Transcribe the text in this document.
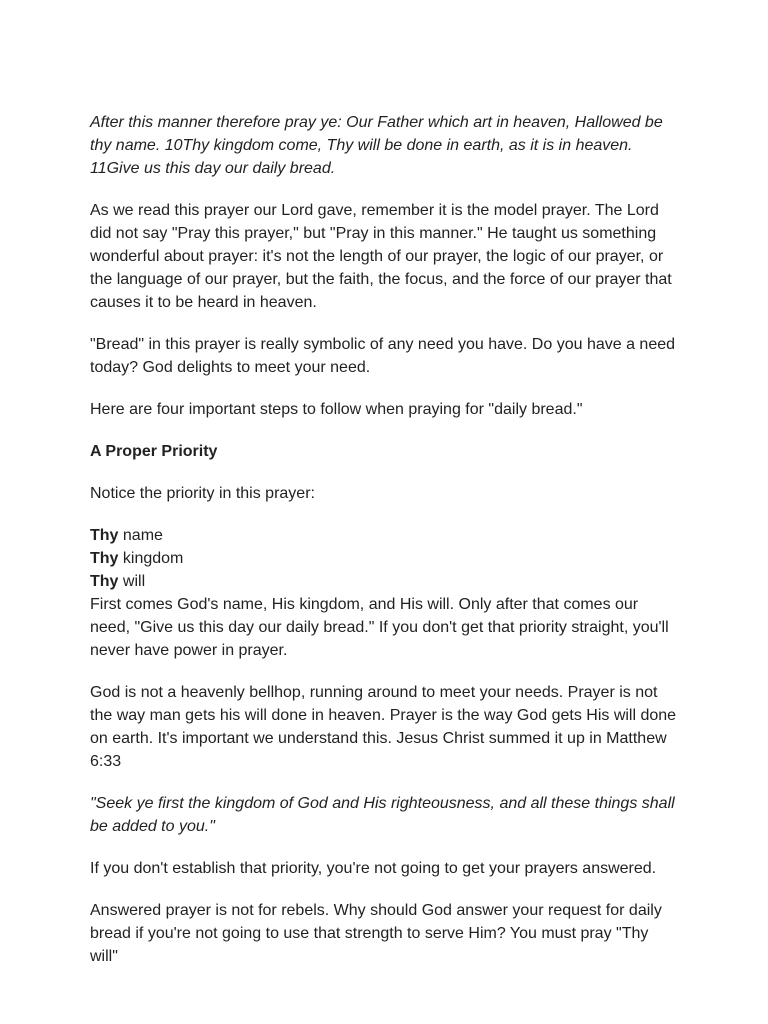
After this manner therefore pray ye: Our Father which art in heaven, Hallowed be thy name. 10Thy kingdom come, Thy will be done in earth, as it is in heaven. 11Give us this day our daily bread.

As we read this prayer our Lord gave, remember it is the model prayer. The Lord did not say "Pray this prayer," but "Pray in this manner." He taught us something wonderful about prayer: it's not the length of our prayer, the logic of our prayer, or the language of our prayer, but the faith, the focus, and the force of our prayer that causes it to be heard in heaven.

"Bread" in this prayer is really symbolic of any need you have. Do you have a need today? God delights to meet your need.

Here are four important steps to follow when praying for "daily bread."

A Proper Priority

Notice the priority in this prayer:

Thy name
Thy kingdom
Thy will

First comes God's name, His kingdom, and His will. Only after that comes our need, "Give us this day our daily bread." If you don't get that priority straight, you'll never have power in prayer.

God is not a heavenly bellhop, running around to meet your needs. Prayer is not the way man gets his will done in heaven. Prayer is the way God gets His will done on earth. It's important we understand this. Jesus Christ summed it up in Matthew 6:33

"Seek ye first the kingdom of God and His righteousness, and all these things shall be added to you."

If you don't establish that priority, you're not going to get your prayers answered.

Answered prayer is not for rebels. Why should God answer your request for daily bread if you're not going to use that strength to serve Him? You must pray "Thy will"
